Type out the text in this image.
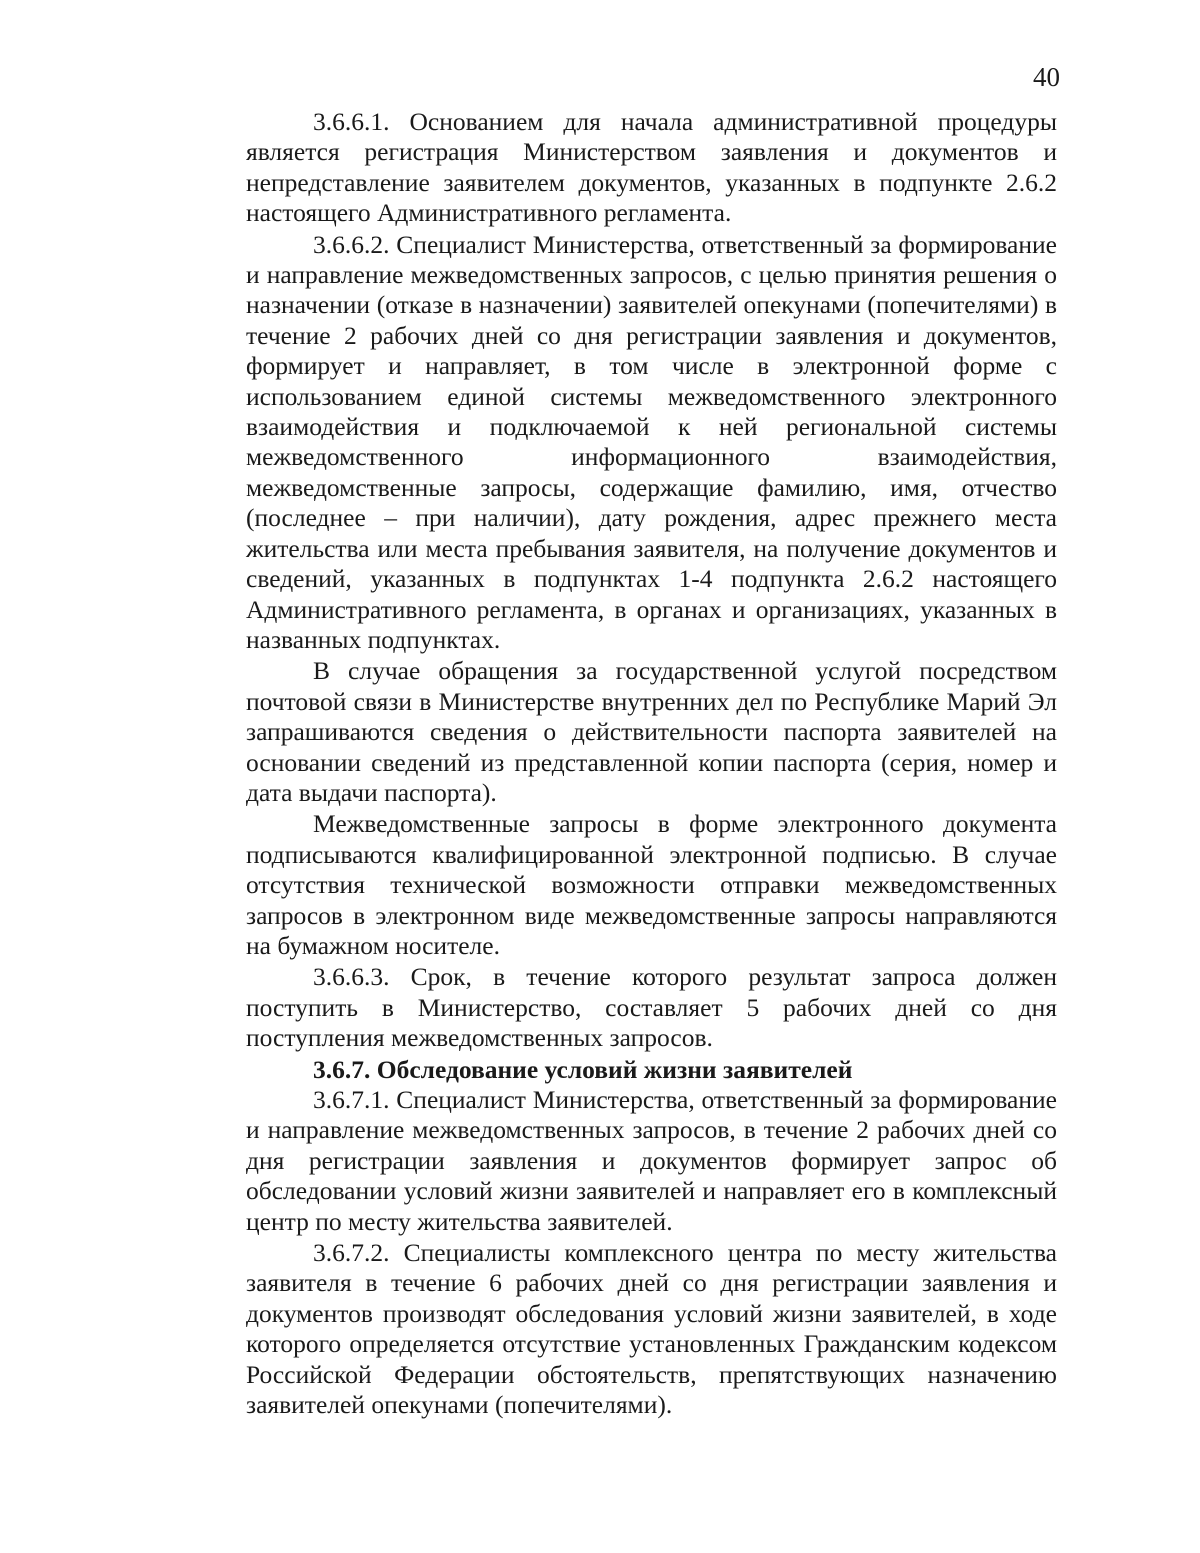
40

3.6.6.1. Основанием для начала административной процедуры является регистрация Министерством заявления и документов и непредставление заявителем документов, указанных в подпункте 2.6.2 настоящего Административного регламента.

3.6.6.2. Специалист Министерства, ответственный за формирование и направление межведомственных запросов, с целью принятия решения о назначении (отказе в назначении) заявителей опекунами (попечителями) в течение 2 рабочих дней со дня регистрации заявления и документов, формирует и направляет, в том числе в электронной форме с использованием единой системы межведомственного электронного взаимодействия и подключаемой к ней региональной системы межведомственного информационного взаимодействия, межведомственные запросы, содержащие фамилию, имя, отчество (последнее – при наличии), дату рождения, адрес прежнего места жительства или места пребывания заявителя, на получение документов и сведений, указанных в подпунктах 1-4 подпункта 2.6.2 настоящего Административного регламента, в органах и организациях, указанных в названных подпунктах.

В случае обращения за государственной услугой посредством почтовой связи в Министерстве внутренних дел по Республике Марий Эл запрашиваются сведения о действительности паспорта заявителей на основании сведений из представленной копии паспорта (серия, номер и дата выдачи паспорта).

Межведомственные запросы в форме электронного документа подписываются квалифицированной электронной подписью. В случае отсутствия технической возможности отправки межведомственных запросов в электронном виде межведомственные запросы направляются на бумажном носителе.

3.6.6.3. Срок, в течение которого результат запроса должен поступить в Министерство, составляет 5 рабочих дней со дня поступления межведомственных запросов.

3.6.7. Обследование условий жизни заявителей

3.6.7.1. Специалист Министерства, ответственный за формирование и направление межведомственных запросов, в течение 2 рабочих дней со дня регистрации заявления и документов формирует запрос об обследовании условий жизни заявителей и направляет его в комплексный центр по месту жительства заявителей.

3.6.7.2. Специалисты комплексного центра по месту жительства заявителя в течение 6 рабочих дней со дня регистрации заявления и документов производят обследования условий жизни заявителей, в ходе которого определяется отсутствие установленных Гражданским кодексом Российской Федерации обстоятельств, препятствующих назначению заявителей опекунами (попечителями).
